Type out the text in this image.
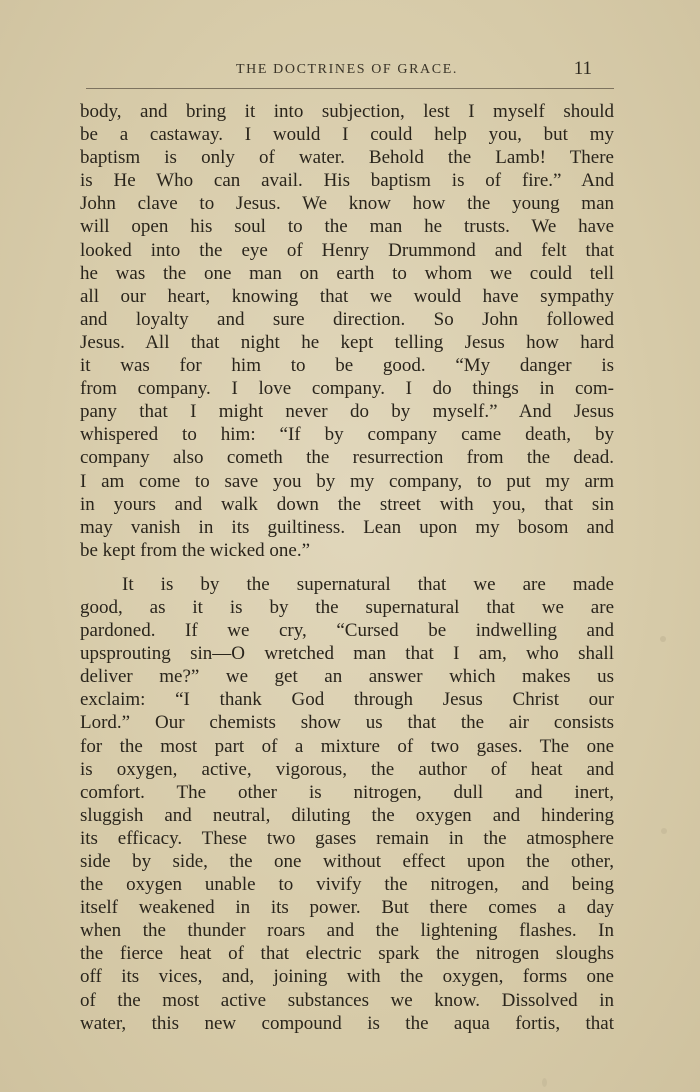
THE DOCTRINES OF GRACE.	11
body, and bring it into subjection, lest I myself should
be a castaway. I would I could help you, but my
baptism is only of water. Behold the Lamb! There
is He Who can avail. His baptism is of fire.” And
John clave to Jesus. We know how the young man
will open his soul to the man he trusts. We have
looked into the eye of Henry Drummond and felt that
he was the one man on earth to whom we could tell
all our heart, knowing that we would have sympathy
and loyalty and sure direction. So John followed
Jesus. All that night he kept telling Jesus how hard
it was for him to be good. “My danger is
from company. I love company. I do things in com-
pany that I might never do by myself.” And Jesus
whispered to him: “If by company came death, by
company also cometh the resurrection from the dead.
I am come to save you by my company, to put my arm
in yours and walk down the street with you, that sin
may vanish in its guiltiness. Lean upon my bosom and
be kept from the wicked one.”
It is by the supernatural that we are made
good, as it is by the supernatural that we are
pardoned. If we cry, “Cursed be indwelling and
upsprouting sin—O wretched man that I am, who shall
deliver me?” we get an answer which makes us
exclaim: “I thank God through Jesus Christ our
Lord.” Our chemists show us that the air consists
for the most part of a mixture of two gases. The one
is oxygen, active, vigorous, the author of heat and
comfort. The other is nitrogen, dull and inert,
sluggish and neutral, diluting the oxygen and hindering
its efficacy. These two gases remain in the atmosphere
side by side, the one without effect upon the other,
the oxygen unable to vivify the nitrogen, and being
itself weakened in its power. But there comes a day
when the thunder roars and the lightening flashes. In
the fierce heat of that electric spark the nitrogen sloughs
off its vices, and, joining with the oxygen, forms one
of the most active substances we know. Dissolved in
water, this new compound is the aqua fortis, that
